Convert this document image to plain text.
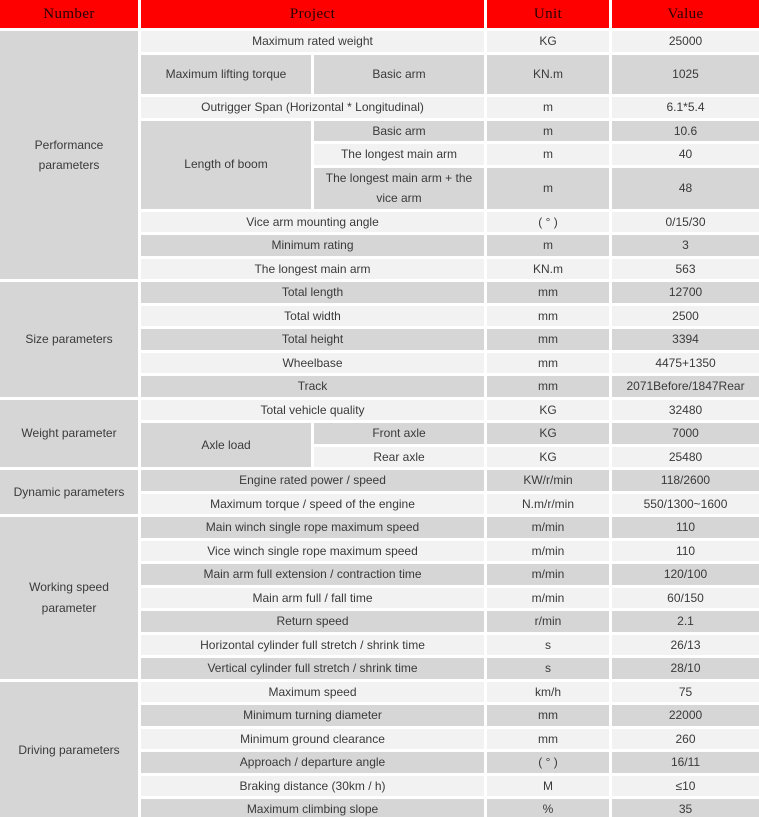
Number	Project		Unit	Value
Performance parameters	Maximum rated weight		KG	25000
	Maximum lifting torque	Basic arm	KN.m	1025
	Outrigger Span (Horizontal * Longitudinal)		m	6.1*5.4
	Length of boom	Basic arm	m	10.6
		The longest main arm	m	40
		The longest main arm + the vice arm	m	48
	Vice arm mounting angle		( ° )	0/15/30
	Minimum rating		m	3
	The longest main arm		KN.m	563
Size parameters	Total length		mm	12700
	Total width		mm	2500
	Total height		mm	3394
	Wheelbase		mm	4475+1350
	Track		mm	2071Before/1847Rear
Weight parameter	Total vehicle quality		KG	32480
	Axle load	Front axle	KG	7000
		Rear axle	KG	25480
Dynamic parameters	Engine rated power / speed		KW/r/min	118/2600
	Maximum torque / speed of the engine		N.m/r/min	550/1300~1600
Working speed parameter	Main winch single rope maximum speed		m/min	110
	Vice winch single rope maximum speed		m/min	110
	Main arm full extension / contraction time		m/min	120/100
	Main arm full / fall time		m/min	60/150
	Return speed		r/min	2.1
	Horizontal cylinder full stretch / shrink time		s	26/13
	Vertical cylinder full stretch / shrink time		s	28/10
Driving parameters	Maximum speed		km/h	75
	Minimum turning diameter		mm	22000
	Minimum ground clearance		mm	260
	Approach / departure angle		( ° )	16/11
	Braking distance (30km / h)		M	≤10
	Maximum climbing slope		%	35
